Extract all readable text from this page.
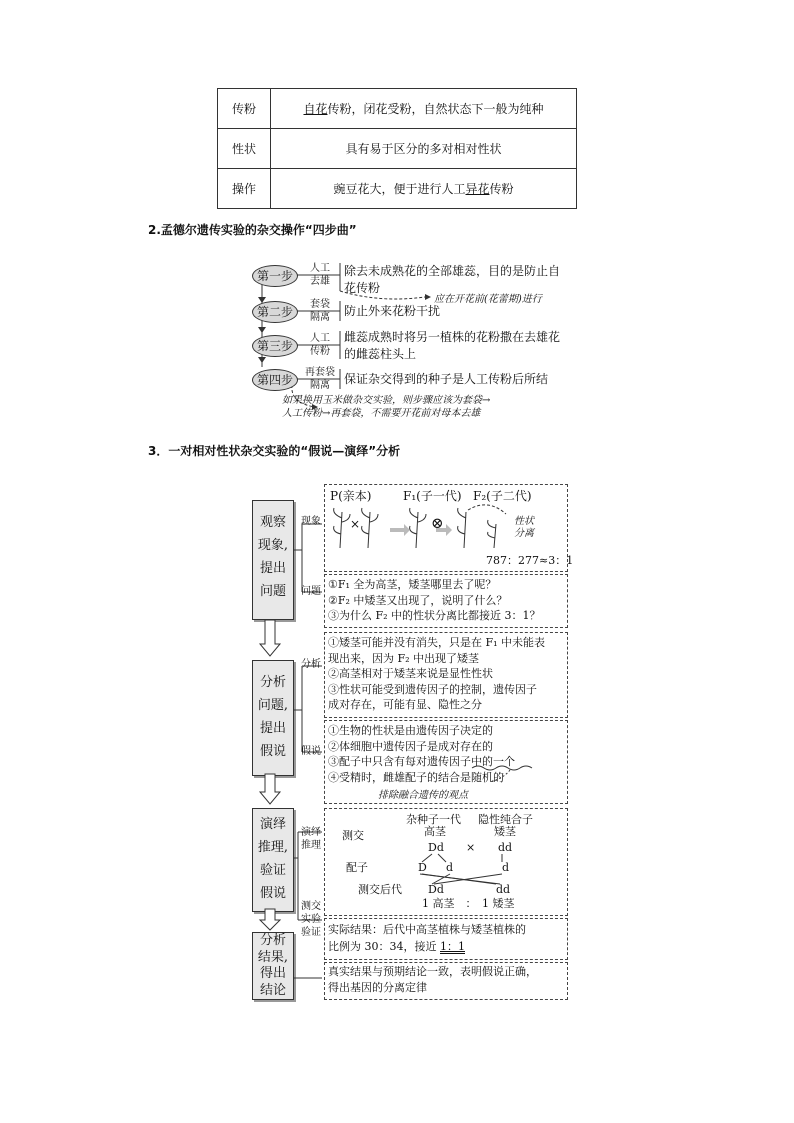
传粉	自花传粉，闭花受粉，自然状态下一般为纯种
性状	具有易于区分的多对相对性状
操作	豌豆花大，便于进行人工异花传粉
2.孟德尔遗传实验的杂交操作“四步曲”
第一步
第二步
第三步
第四步
人工
去雄
套袋
隔离
人工
传粉
再套袋
隔离
除去未成熟花的全部雄蕊，目的是防止自
花传粉
防止外来花粉干扰
雌蕊成熟时将另一植株的花粉撒在去雄花
的雌蕊柱头上
保证杂交得到的种子是人工传粉后所结
应在开花前(花蕾期)进行
如果换用玉米做杂交实验，则步骤应该为套袋→
人工传粉→再套袋，不需要开花前对母本去雄
3．一对相对性状杂交实验的“假说—演绎”分析
观察
现象,
提出
问题
分析
问题,
提出
假说
演绎
推理,
验证
假说
分析
结果,
得出
结论
现象
问题
分析
假说
演绎
推理
测交
实验
验证
P(亲本)	F₁(子一代) F₂(子二代)
×	⊗	性状
分离
787：277≈3：1
①F₁ 全为高茎，矮茎哪里去了呢？
②F₂ 中矮茎又出现了，说明了什么？
③为什么 F₂ 中的性状分离比都接近 3：1？
①矮茎可能并没有消失，只是在 F₁ 中未能表
现出来，因为 F₂ 中出现了矮茎
②高茎相对于矮茎来说是显性性状
③性状可能受到遗传因子的控制，遗传因子
成对存在，可能有显、隐性之分
①生物的性状是由遗传因子决定的
②体细胞中遗传因子是成对存在的
③配子中只含有每对遗传因子中的一个
④受精时，雌雄配子的结合是随机的
排除融合遗传的观点
杂种子一代 隐性纯合子
测交	高茎	矮茎
Dd × dd
配子	D d	d
测交后代 Dd	dd
1 高茎　：　1 矮茎
实际结果：后代中高茎植株与矮茎植株的
比例为 30：34，接近 1：1
真实结果与预期结论一致，表明假说正确，
得出基因的分离定律
